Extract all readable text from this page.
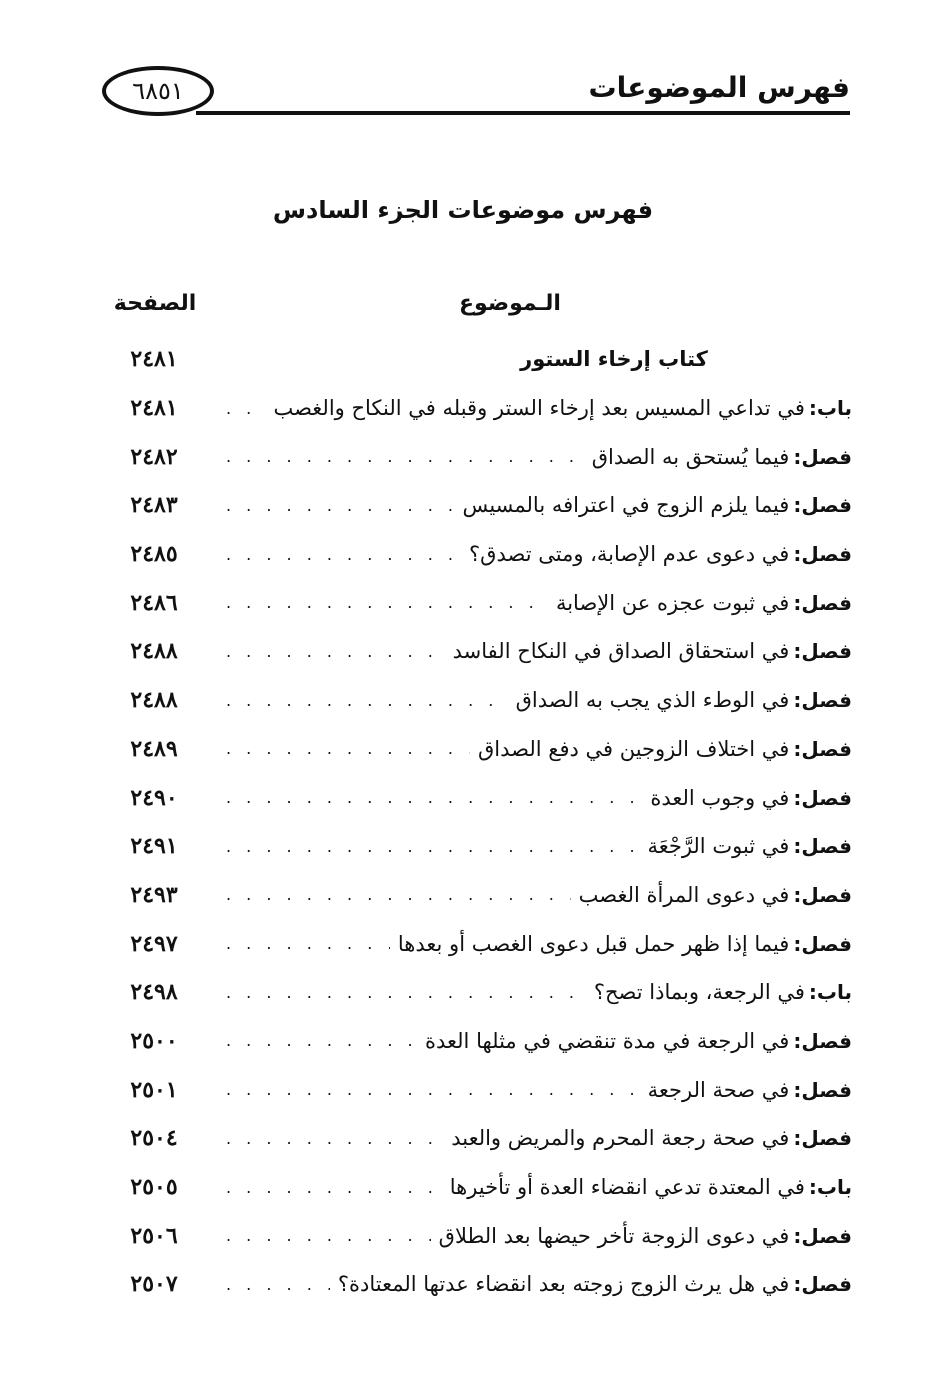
فهرس الموضوعات
٦٨٥١
فهرس موضوعات الجزء السادس
الـموضوع
الصفحة
كتاب إرخاء الستور
٢٤٨١
باب:
في تداعي المسيس بعد إرخاء الستر وقبله في النكاح والغصب
. . .
٢٤٨١
فصل:
فيما يُستحق به الصداق
. . .
٢٤٨٢
فصل:
فيما يلزم الزوج في اعترافه بالمسيس
. . .
٢٤٨٣
فصل:
في دعوى عدم الإصابة، ومتى تصدق؟
. . .
٢٤٨٥
فصل:
في ثبوت عجزه عن الإصابة
. . .
٢٤٨٦
فصل:
في استحقاق الصداق في النكاح الفاسد
. . .
٢٤٨٨
فصل:
في الوطء الذي يجب به الصداق
. . .
٢٤٨٨
فصل:
في اختلاف الزوجين في دفع الصداق
. . .
٢٤٨٩
فصل:
في وجوب العدة
. . .
٢٤٩٠
فصل:
في ثبوت الرَّجْعَة
. . .
٢٤٩١
فصل:
في دعوى المرأة الغصب
. . .
٢٤٩٣
فصل:
فيما إذا ظهر حمل قبل دعوى الغصب أو بعدها
. . .
٢٤٩٧
باب:
في الرجعة، وبماذا تصح؟
. . .
٢٤٩٨
فصل:
في الرجعة في مدة تنقضي في مثلها العدة
. . .
٢٥٠٠
فصل:
في صحة الرجعة
. . .
٢٥٠١
فصل:
في صحة رجعة المحرم والمريض والعبد
. . .
٢٥٠٤
باب:
في المعتدة تدعي انقضاء العدة أو تأخيرها
. . .
٢٥٠٥
فصل:
في دعوى الزوجة تأخر حيضها بعد الطلاق
. . .
٢٥٠٦
فصل:
في هل يرث الزوج زوجته بعد انقضاء عدتها المعتادة؟
. . .
٢٥٠٧
